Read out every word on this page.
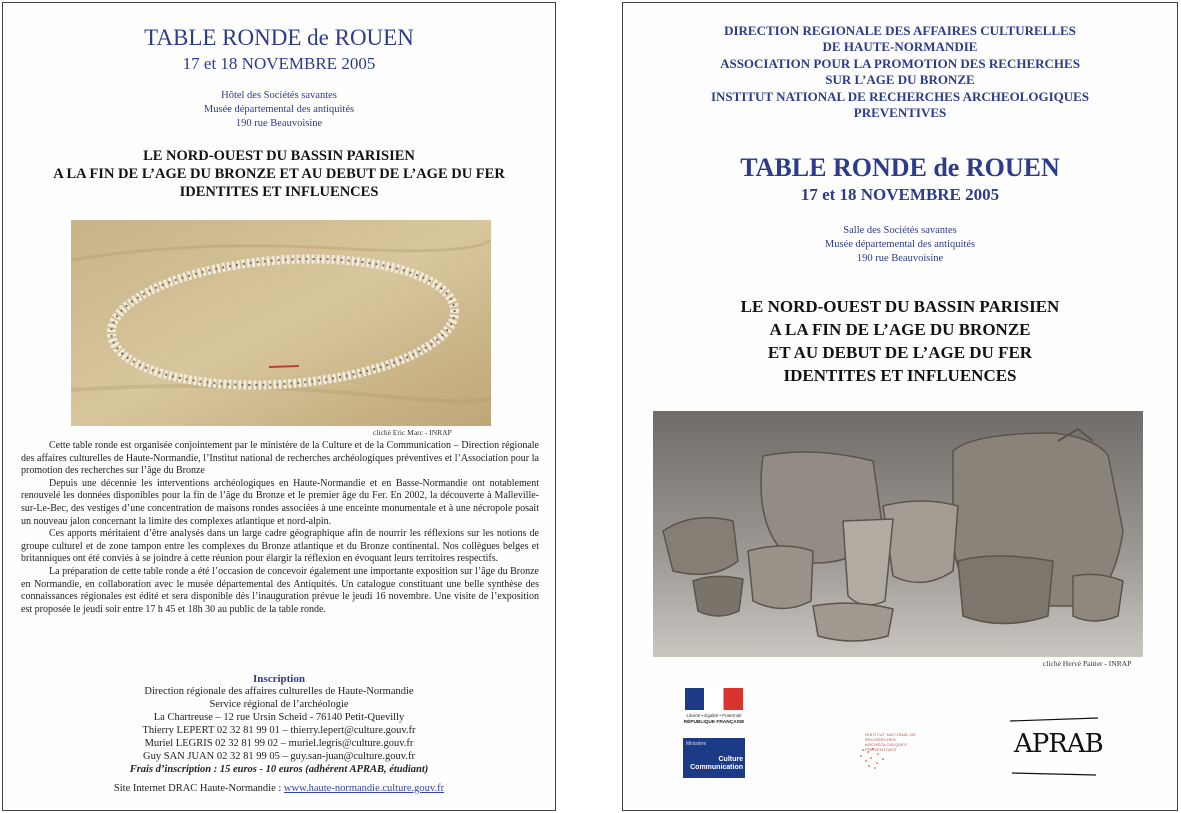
TABLE RONDE de ROUEN
17 et 18 NOVEMBRE 2005
Hôtel des Sociétés savantes
Musée départemental des antiquités
190 rue Beauvoisine
LE NORD-OUEST DU BASSIN PARISIEN
A LA FIN DE L’AGE DU BRONZE ET AU DEBUT DE L’AGE DU FER
IDENTITES ET INFLUENCES
cliché Eric Marc - INRAP

Cette table ronde est organisée conjointement par le ministère de la Culture et de la Communication – Direction régionale des affaires culturelles de Haute-Normandie, l’Institut national de recherches archéologiques préventives et l’Association pour la promotion des recherches sur l’âge du Bronze

Depuis une décennie les interventions archéologiques en Haute-Normandie et en Basse-Normandie ont notablement renouvelé les données disponibles pour la fin de l’âge du Bronze et le premier âge du Fer. En 2002, la découverte à Malleville-sur-Le-Bec, des vestiges d’une concentration de maisons rondes associées à une enceinte monumentale et à une nécropole posait un nouveau jalon concernant la limite des complexes atlantique et nord-alpin.

Ces apports méritaient d’être analysés dans un large cadre géographique afin de nourrir les réflexions sur les notions de groupe culturel et de zone tampon entre les complexes du Bronze atlantique et du Bronze continental. Nos collègues belges et britanniques ont été conviés à se joindre à cette réunion pour élargir la réflexion en évoquant leurs territoires respectifs.

La préparation de cette table ronde a été l’occasion de concevoir également une importante exposition sur l’âge du Bronze en Normandie, en collaboration avec le musée départemental des Antiquités. Un catalogue constituant une belle synthèse des connaissances régionales est édité et sera disponible dès l’inauguration prévue le jeudi 16 novembre. Une visite de l’exposition est proposée le jeudi soir entre 17 h 45 et 18h 30 au public de la table ronde.

Inscription
Direction régionale des affaires culturelles de Haute-Normandie
Service régional de l’archéologie
La Chartreuse – 12 rue Ursin Scheid - 76140 Petit-Quevilly
Thierry LEPERT 02 32 81 99 01 – thierry.lepert@culture.gouv.fr
Muriel LEGRIS 02 32 81 99 02 – muriel.legris@culture.gouv.fr
Guy SAN JUAN 02 32 81 99 05 – guy.san-juan@culture.gouv.fr
Frais d’inscription : 15 euros - 10 euros (adhérent APRAB, étudiant)
Site Internet DRAC Haute-Normandie : www.haute-normandie.culture.gouv.fr
DIRECTION REGIONALE DES AFFAIRES CULTURELLES
DE HAUTE-NORMANDIE
ASSOCIATION POUR LA PROMOTION DES RECHERCHES
SUR L’AGE DU BRONZE
INSTITUT NATIONAL DE RECHERCHES ARCHEOLOGIQUES
PREVENTIVES
TABLE RONDE de ROUEN
17 et 18 NOVEMBRE 2005
Salle des Sociétés savantes
Musée départemental des antiquités
190 rue Beauvoisine
LE NORD-OUEST DU BASSIN PARISIEN
A LA FIN DE L’AGE DU BRONZE
ET AU DEBUT DE L’AGE DU FER
IDENTITES ET INFLUENCES
cliché Hervé Paitier - INRAP
Liberté • Égalité • Fraternité
RÉPUBLIQUE FRANÇAISE
Ministère
Culture
Communication
INSTITUT NATIONAL DE RECHERCHES ARCHÉOLOGIQUES PRÉVENTIVES	APRAB
